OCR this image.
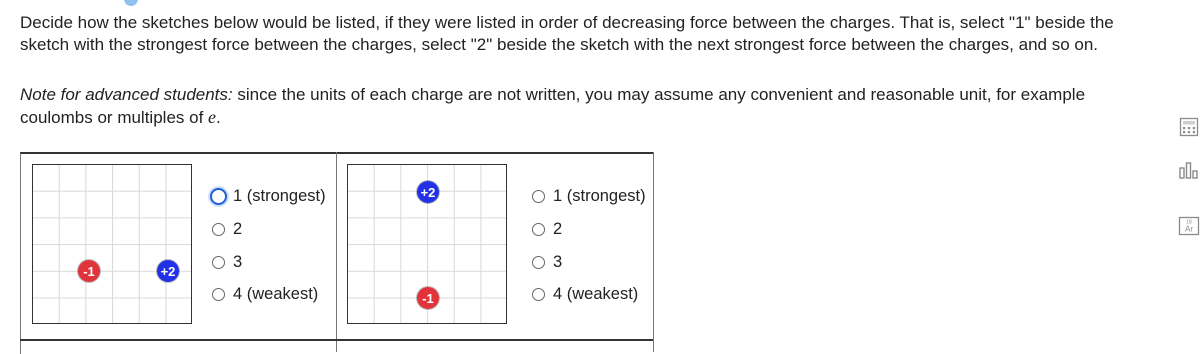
Decide how the sketches below would be listed, if they were listed in order of decreasing force between the charges. That is, select "1" beside the sketch with the strongest force between the charges, select "2" beside the sketch with the next strongest force between the charges, and so on.

Note for advanced students: since the units of each charge are not written, you may assume any convenient and reasonable unit, for example coulombs or multiples of e.

-1	+2
1 (strongest)
2
3
4 (weakest)
+2
-1
1 (strongest)
2
3
4 (weakest)
18
Ar
